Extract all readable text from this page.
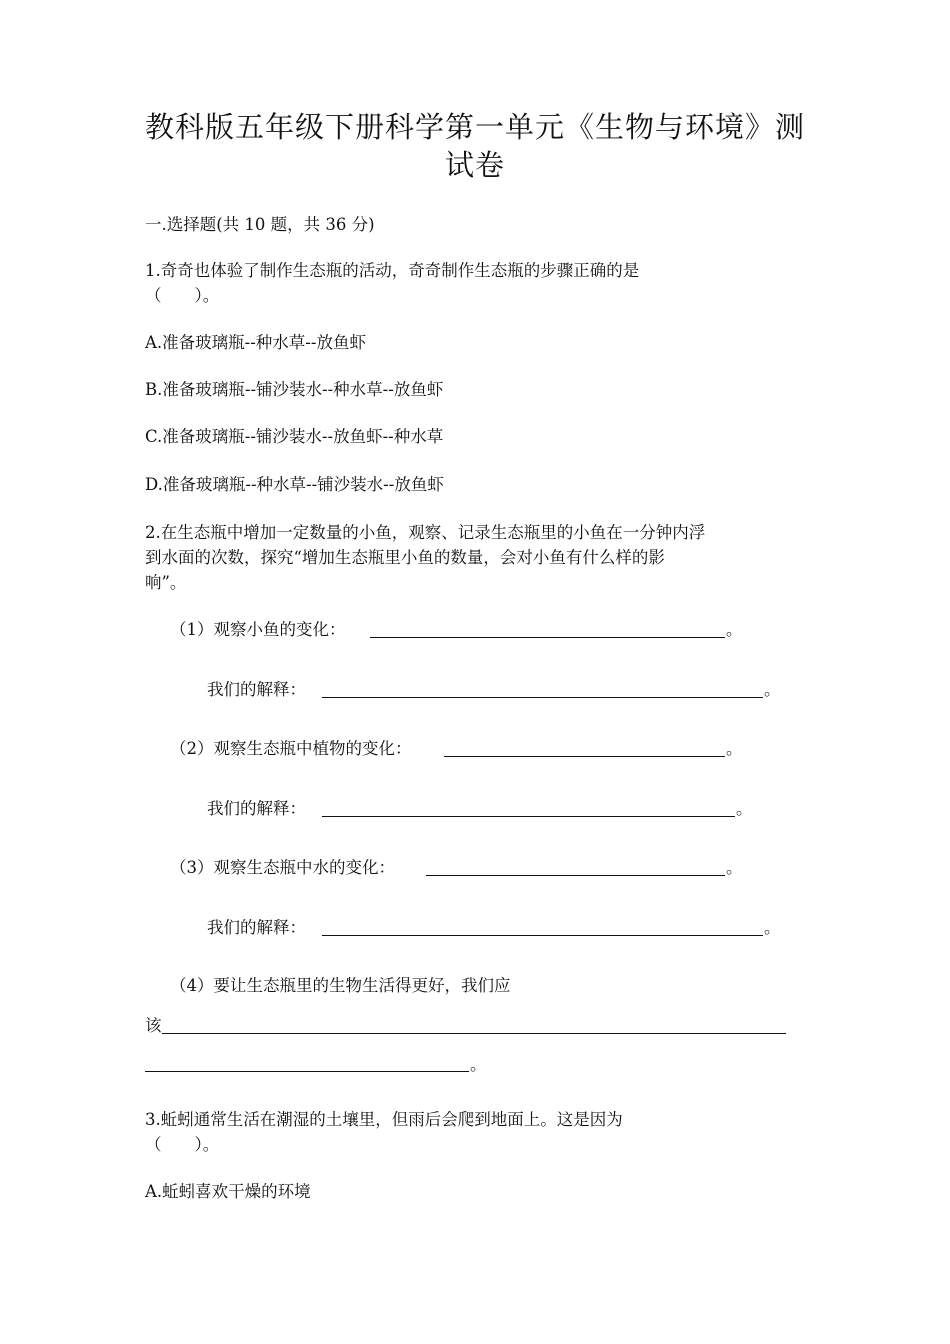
教科版五年级下册科学第一单元《生物与环境》测
试卷
一.选择题(共 10 题，共 36 分)
1.奇奇也体验了制作生态瓶的活动，奇奇制作生态瓶的步骤正确的是
（　　）。
A.准备玻璃瓶--种水草--放鱼虾
B.准备玻璃瓶--铺沙装水--种水草--放鱼虾
C.准备玻璃瓶--铺沙装水--放鱼虾--种水草
D.准备玻璃瓶--种水草--铺沙装水--放鱼虾
2.在生态瓶中增加一定数量的小鱼，观察、记录生态瓶里的小鱼在一分钟内浮
到水面的次数，探究“增加生态瓶里小鱼的数量，会对小鱼有什么样的影
响”。
（1）观察小鱼的变化：	。
我们的解释：	。
（2）观察生态瓶中植物的变化：	。
我们的解释：	。
（3）观察生态瓶中水的变化：	。
我们的解释：	。
（4）要让生态瓶里的生物生活得更好，我们应
该
。
3.蚯蚓通常生活在潮湿的土壤里，但雨后会爬到地面上。这是因为
（　　）。
A.蚯蚓喜欢干燥的环境
